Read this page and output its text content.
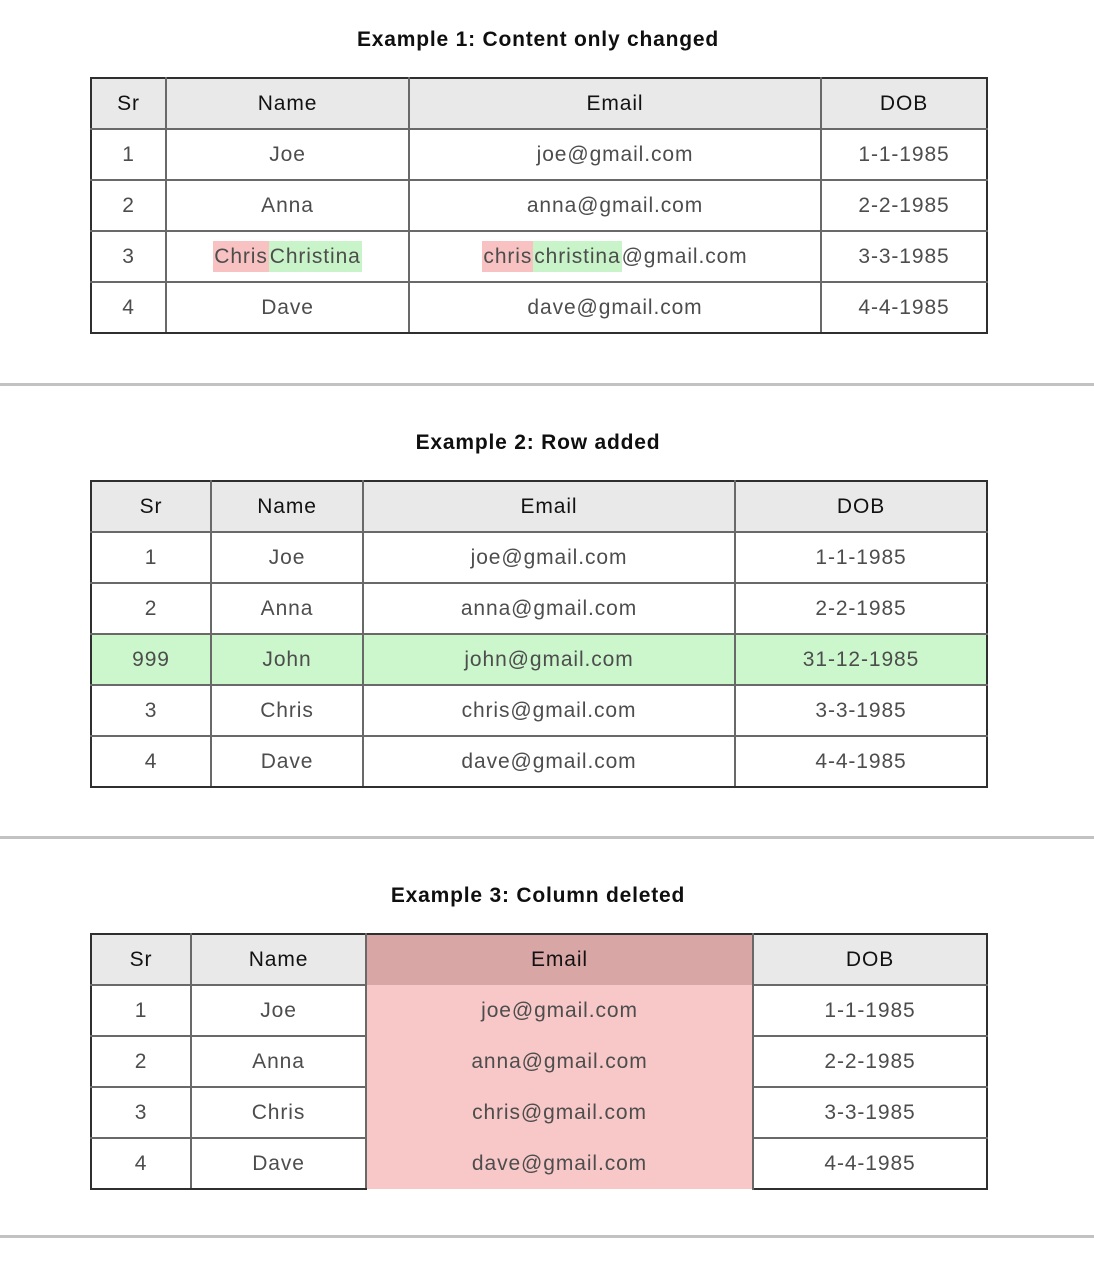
Example 1: Content only changed
Sr	Name	Email	DOB
1	Joe	joe@gmail.com	1-1-1985
2	Anna	anna@gmail.com	2-2-1985
3	ChrisChristina	chrischristina@gmail.com	3-3-1985
4	Dave	dave@gmail.com	4-4-1985
Example 2: Row added
Sr	Name	Email	DOB
1	Joe	joe@gmail.com	1-1-1985
2	Anna	anna@gmail.com	2-2-1985
999	John	john@gmail.com	31-12-1985
3	Chris	chris@gmail.com	3-3-1985
4	Dave	dave@gmail.com	4-4-1985
Example 3: Column deleted
Sr	Name	Email	DOB
1	Joe	joe@gmail.com	1-1-1985
2	Anna	anna@gmail.com	2-2-1985
3	Chris	chris@gmail.com	3-3-1985
4	Dave	dave@gmail.com	4-4-1985
